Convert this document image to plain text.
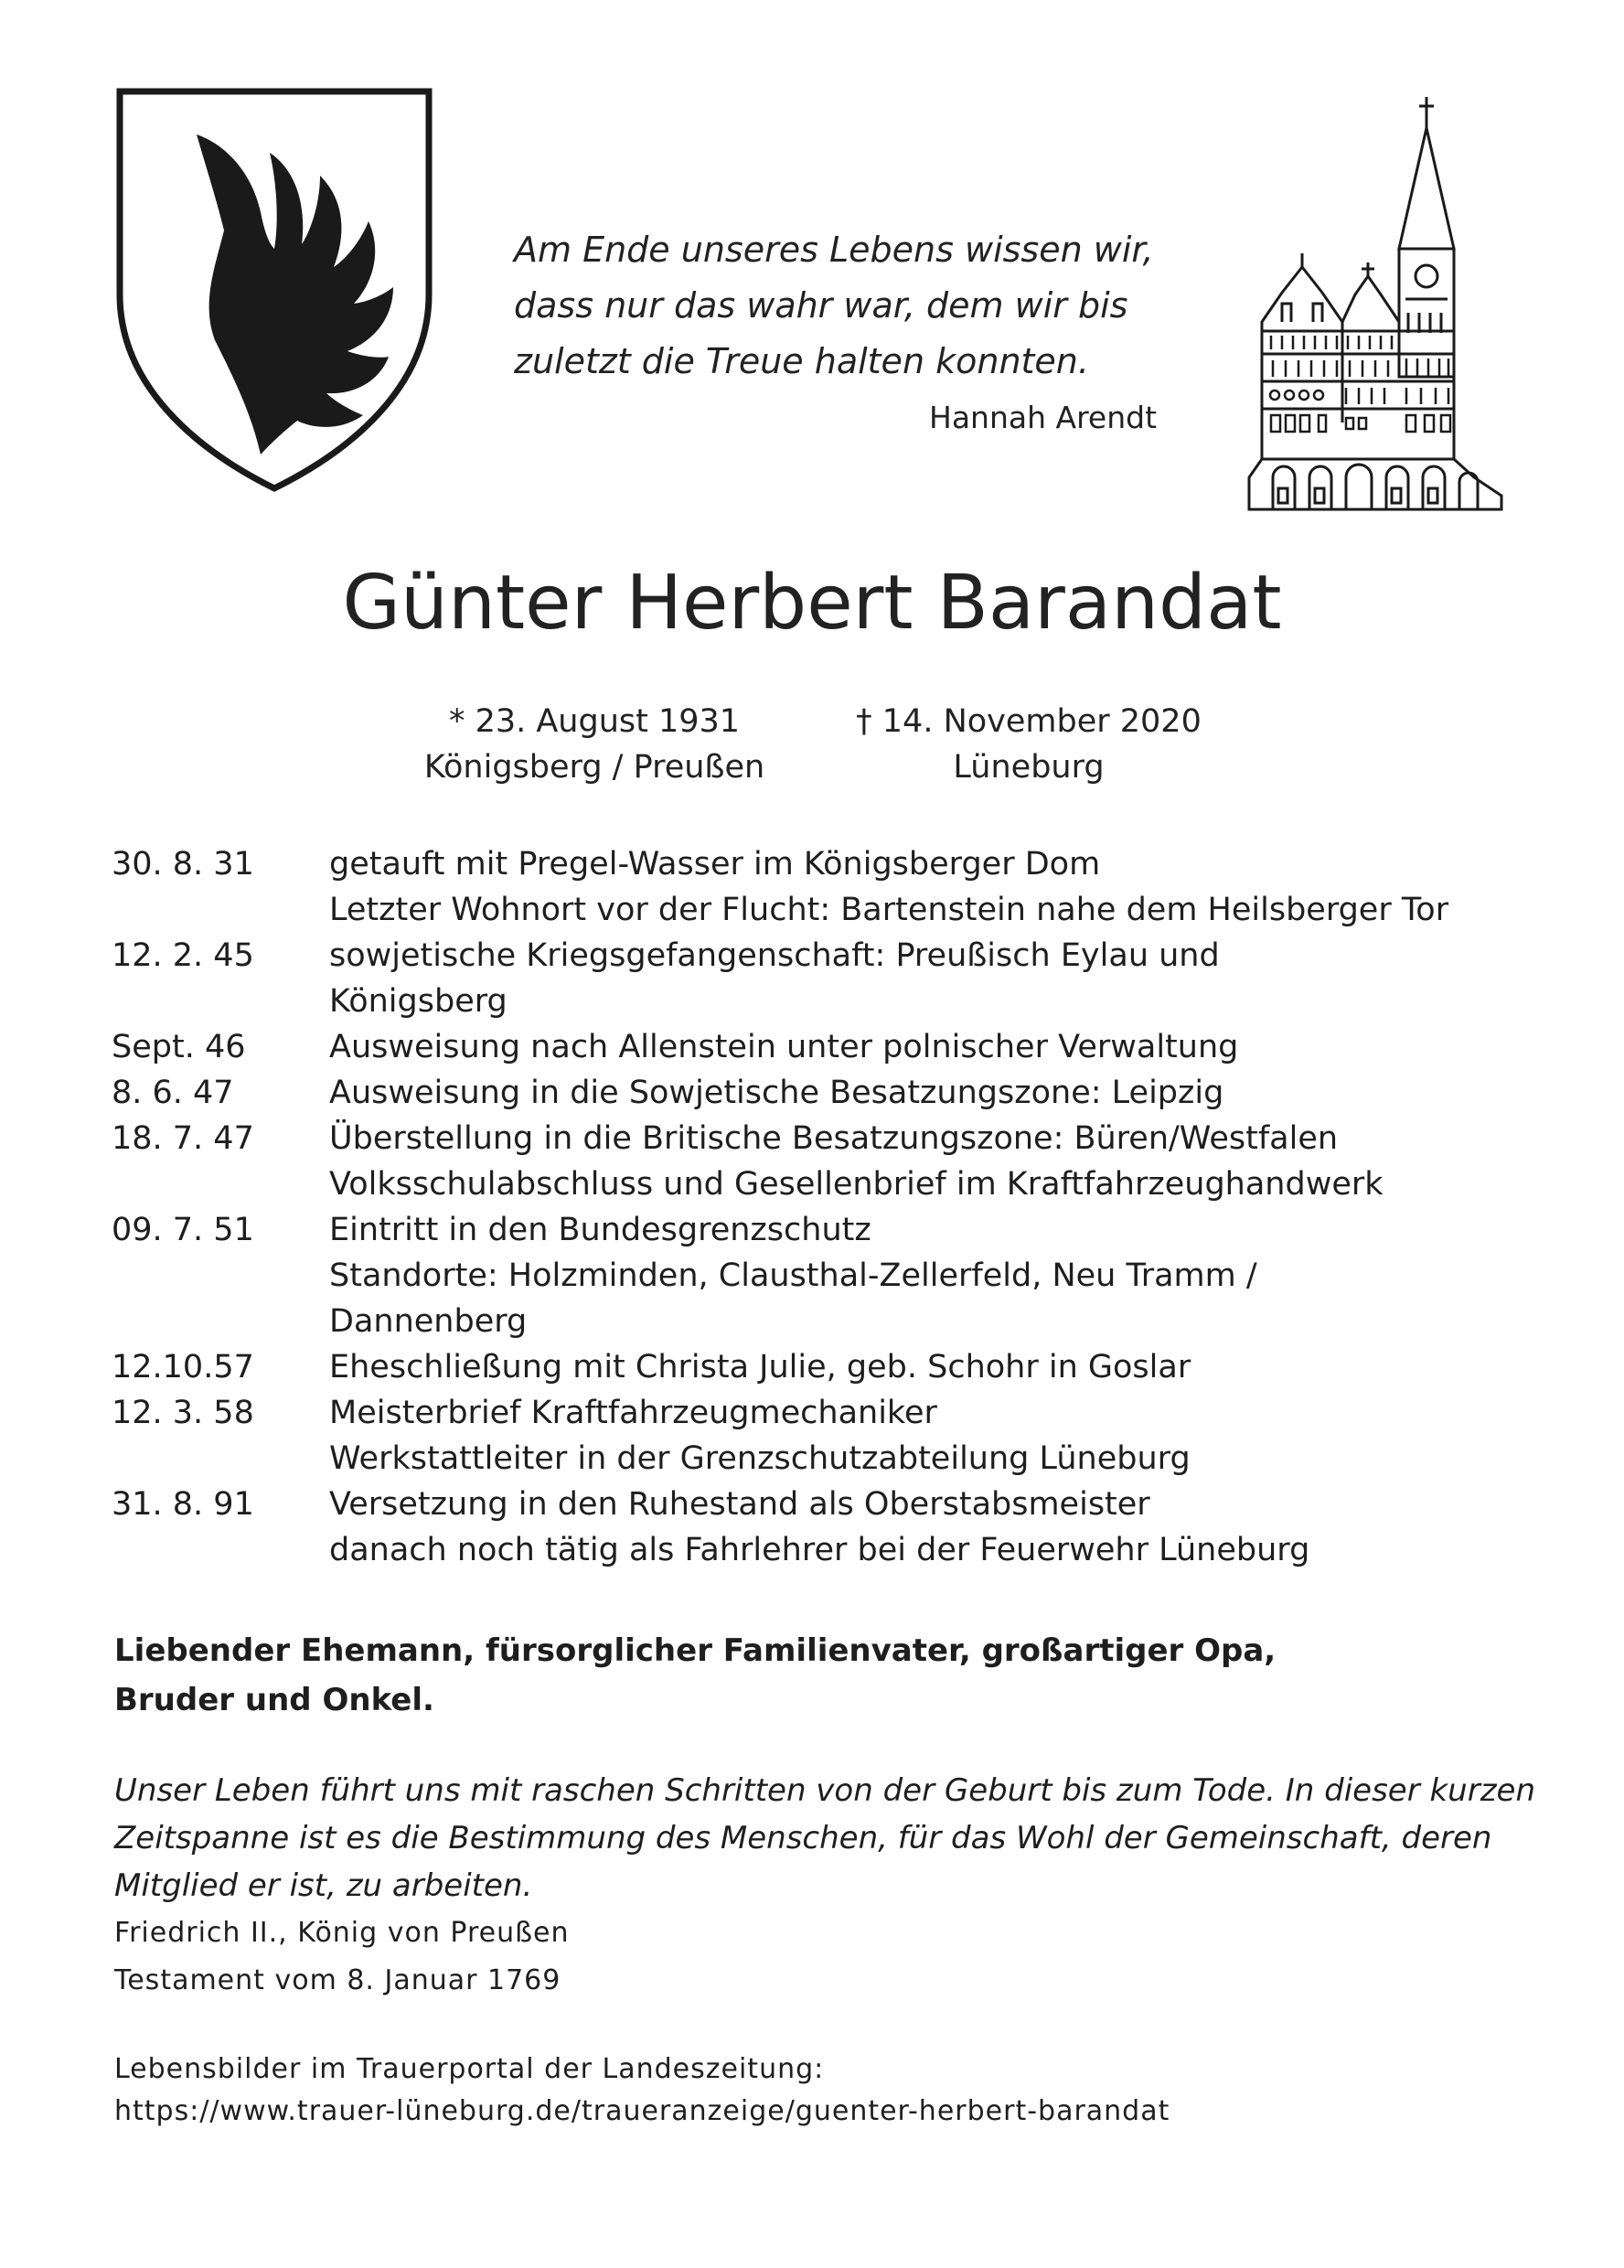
Am Ende unseres Lebens wissen wir,
dass nur das wahr war, dem wir bis
zuletzt die Treue halten konnten.
Hannah Arendt
Günter Herbert Barandat
* 23. August 1931
Königsberg / Preußen
† 14. November 2020
Lüneburg
30. 8. 31	getauft mit Pregel-Wasser im Königsberger Dom
Letzter Wohnort vor der Flucht: Bartenstein nahe dem Heilsberger Tor
12. 2. 45	sowjetische Kriegsgefangenschaft: Preußisch Eylau und
Königsberg
Sept. 46	Ausweisung nach Allenstein unter polnischer Verwaltung
8. 6. 47	Ausweisung in die Sowjetische Besatzungszone: Leipzig
18. 7. 47	Überstellung in die Britische Besatzungszone: Büren/Westfalen
Volksschulabschluss und Gesellenbrief im Kraftfahrzeughandwerk
09. 7. 51	Eintritt in den Bundesgrenzschutz
Standorte: Holzminden, Clausthal-Zellerfeld, Neu Tramm /
Dannenberg
12.10.57	Eheschließung mit Christa Julie, geb. Schohr in Goslar
12. 3. 58	Meisterbrief Kraftfahrzeugmechaniker
Werkstattleiter in der Grenzschutzabteilung Lüneburg
31. 8. 91	Versetzung in den Ruhestand als Oberstabsmeister
danach noch tätig als Fahrlehrer bei der Feuerwehr Lüneburg
Liebender Ehemann, fürsorglicher Familienvater, großartiger Opa,
Bruder und Onkel.
Unser Leben führt uns mit raschen Schritten von der Geburt bis zum Tode. In dieser kurzen
Zeitspanne ist es die Bestimmung des Menschen, für das Wohl der Gemeinschaft, deren
Mitglied er ist, zu arbeiten.
Friedrich II., König von Preußen
Testament vom 8. Januar 1769
Lebensbilder im Trauerportal der Landeszeitung:
https://www.trauer-lüneburg.de/traueranzeige/guenter-herbert-barandat
